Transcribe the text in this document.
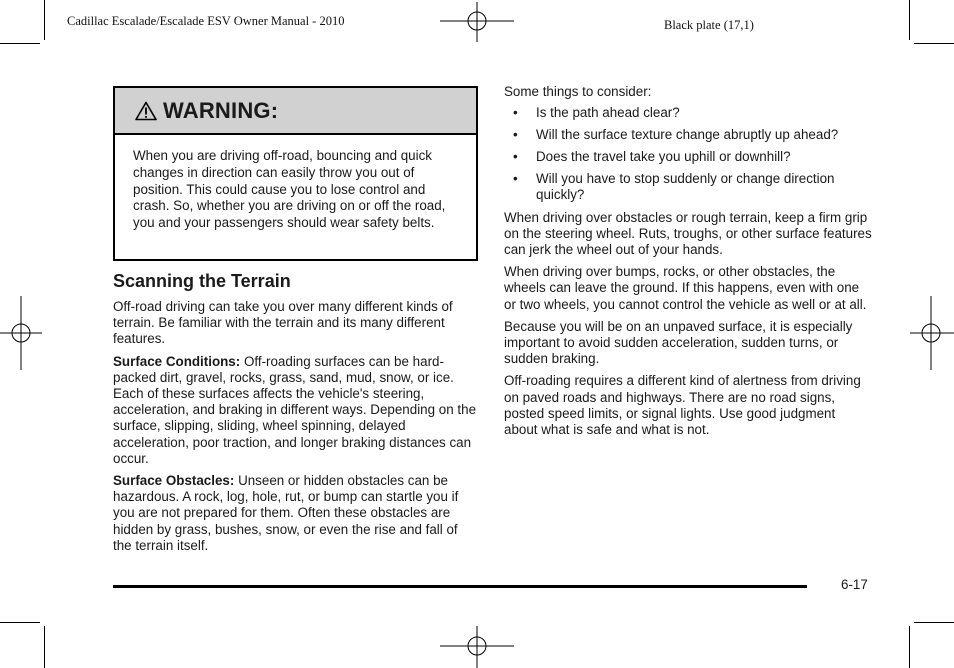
Cadillac Escalade/Escalade ESV Owner Manual - 2010	Black plate (17,1)
WARNING:
When you are driving off-road, bouncing and quick changes in direction can easily throw you out of position. This could cause you to lose control and crash. So, whether you are driving on or off the road, you and your passengers should wear safety belts.
Scanning the Terrain

Off-road driving can take you over many different kinds of terrain. Be familiar with the terrain and its many different features.

Surface Conditions: Off-roading surfaces can be hard-packed dirt, gravel, rocks, grass, sand, mud, snow, or ice. Each of these surfaces affects the vehicle's steering, acceleration, and braking in different ways. Depending on the surface, slipping, sliding, wheel spinning, delayed acceleration, poor traction, and longer braking distances can occur.

Surface Obstacles: Unseen or hidden obstacles can be hazardous. A rock, log, hole, rut, or bump can startle you if you are not prepared for them. Often these obstacles are hidden by grass, bushes, snow, or even the rise and fall of the terrain itself.

Some things to consider:

• Is the path ahead clear?
• Will the surface texture change abruptly up ahead?
• Does the travel take you uphill or downhill?
• Will you have to stop suddenly or change direction quickly?

When driving over obstacles or rough terrain, keep a firm grip on the steering wheel. Ruts, troughs, or other surface features can jerk the wheel out of your hands.

When driving over bumps, rocks, or other obstacles, the wheels can leave the ground. If this happens, even with one or two wheels, you cannot control the vehicle as well or at all.

Because you will be on an unpaved surface, it is especially important to avoid sudden acceleration, sudden turns, or sudden braking.

Off-roading requires a different kind of alertness from driving on paved roads and highways. There are no road signs, posted speed limits, or signal lights. Use good judgment about what is safe and what is not.

6-17
